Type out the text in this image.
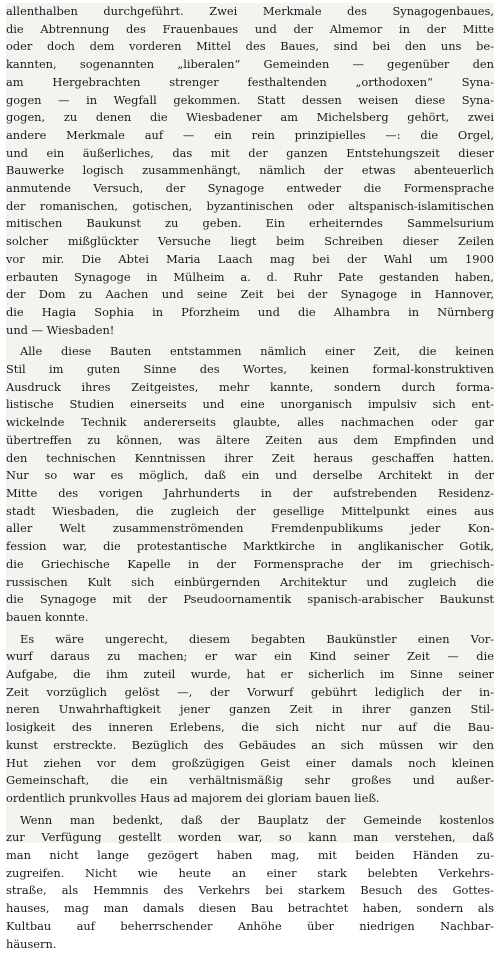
allenthalben durchgeführt. Zwei Merkmale des Synagogenbaues,
die Abtrennung des Frauenbaues und der Almemor in der Mitte
oder doch dem vorderen Mittel des Baues, sind bei den uns be-
kannten, sogenannten „liberalen“ Gemeinden — gegenüber den
am Hergebrachten strenger festhaltenden „orthodoxen“ Syna-
gogen — in Wegfall gekommen. Statt dessen weisen diese Syna-
gogen, zu denen die Wiesbadener am Michelsberg gehört, zwei
andere Merkmale auf — ein rein prinzipielles —: die Orgel,
und ein äußerliches, das mit der ganzen Entstehungszeit dieser
Bauwerke logisch zusammenhängt, nämlich der etwas abenteuerlich
anmutende Versuch, der Synagoge entweder die Formensprache
der romanischen, gotischen, byzantinischen oder altspanisch-islamitischen
mitischen Baukunst zu geben. Ein erheiterndes Sammelsurium
solcher mißglückter Versuche liegt beim Schreiben dieser Zeilen
vor mir. Die Abtei Maria Laach mag bei der Wahl um 1900
erbauten Synagoge in Mülheim a. d. Ruhr Pate gestanden haben,
der Dom zu Aachen und seine Zeit bei der Synagoge in Hannover,
die Hagia Sophia in Pforzheim und die Alhambra in Nürnberg
und — Wiesbaden!
Alle diese Bauten entstammen nämlich einer Zeit, die keinen
Stil im guten Sinne des Wortes, keinen formal-konstruktiven
Ausdruck ihres Zeitgeistes, mehr kannte, sondern durch forma-
listische Studien einerseits und eine unorganisch impulsiv sich ent-
wickelnde Technik andererseits glaubte, alles nachmachen oder gar
übertreffen zu können, was ältere Zeiten aus dem Empfinden und
den technischen Kenntnissen ihrer Zeit heraus geschaffen hatten.
Nur so war es möglich, daß ein und derselbe Architekt in der
Mitte des vorigen Jahrhunderts in der aufstrebenden Residenz-
stadt Wiesbaden, die zugleich der gesellige Mittelpunkt eines aus
aller Welt zusammenströmenden Fremdenpublikums jeder Kon-
fession war, die protestantische Marktkirche in anglikanischer Gotik,
die Griechische Kapelle in der Formensprache der im griechisch-
russischen Kult sich einbürgernden Architektur und zugleich die
die Synagoge mit der Pseudoornamentik spanisch-arabischer Baukunst
bauen konnte.
Es wäre ungerecht, diesem begabten Baukünstler einen Vor-
wurf daraus zu machen; er war ein Kind seiner Zeit — die
Aufgabe, die ihm zuteil wurde, hat er sicherlich im Sinne seiner
Zeit vorzüglich gelöst —, der Vorwurf gebührt lediglich der in-
neren Unwahrhaftigkeit jener ganzen Zeit in ihrer ganzen Stil-
losigkeit des inneren Erlebens, die sich nicht nur auf die Bau-
kunst erstreckte. Bezüglich des Gebäudes an sich müssen wir den
Hut ziehen vor dem großzügigen Geist einer damals noch kleinen
Gemeinschaft, die ein verhältnismäßig sehr großes und außer-
ordentlich prunkvolles Haus ad majorem dei gloriam bauen ließ.
Wenn man bedenkt, daß der Bauplatz der Gemeinde kostenlos
zur Verfügung gestellt worden war, so kann man verstehen, daß
man nicht lange gezögert haben mag, mit beiden Händen zu-
zugreifen. Nicht wie heute an einer stark belebten Verkehrs-
straße, als Hemmnis des Verkehrs bei starkem Besuch des Gottes-
hauses, mag man damals diesen Bau betrachtet haben, sondern als
Kultbau auf beherrschender Anhöhe über niedrigen Nachbar-
häusern.
